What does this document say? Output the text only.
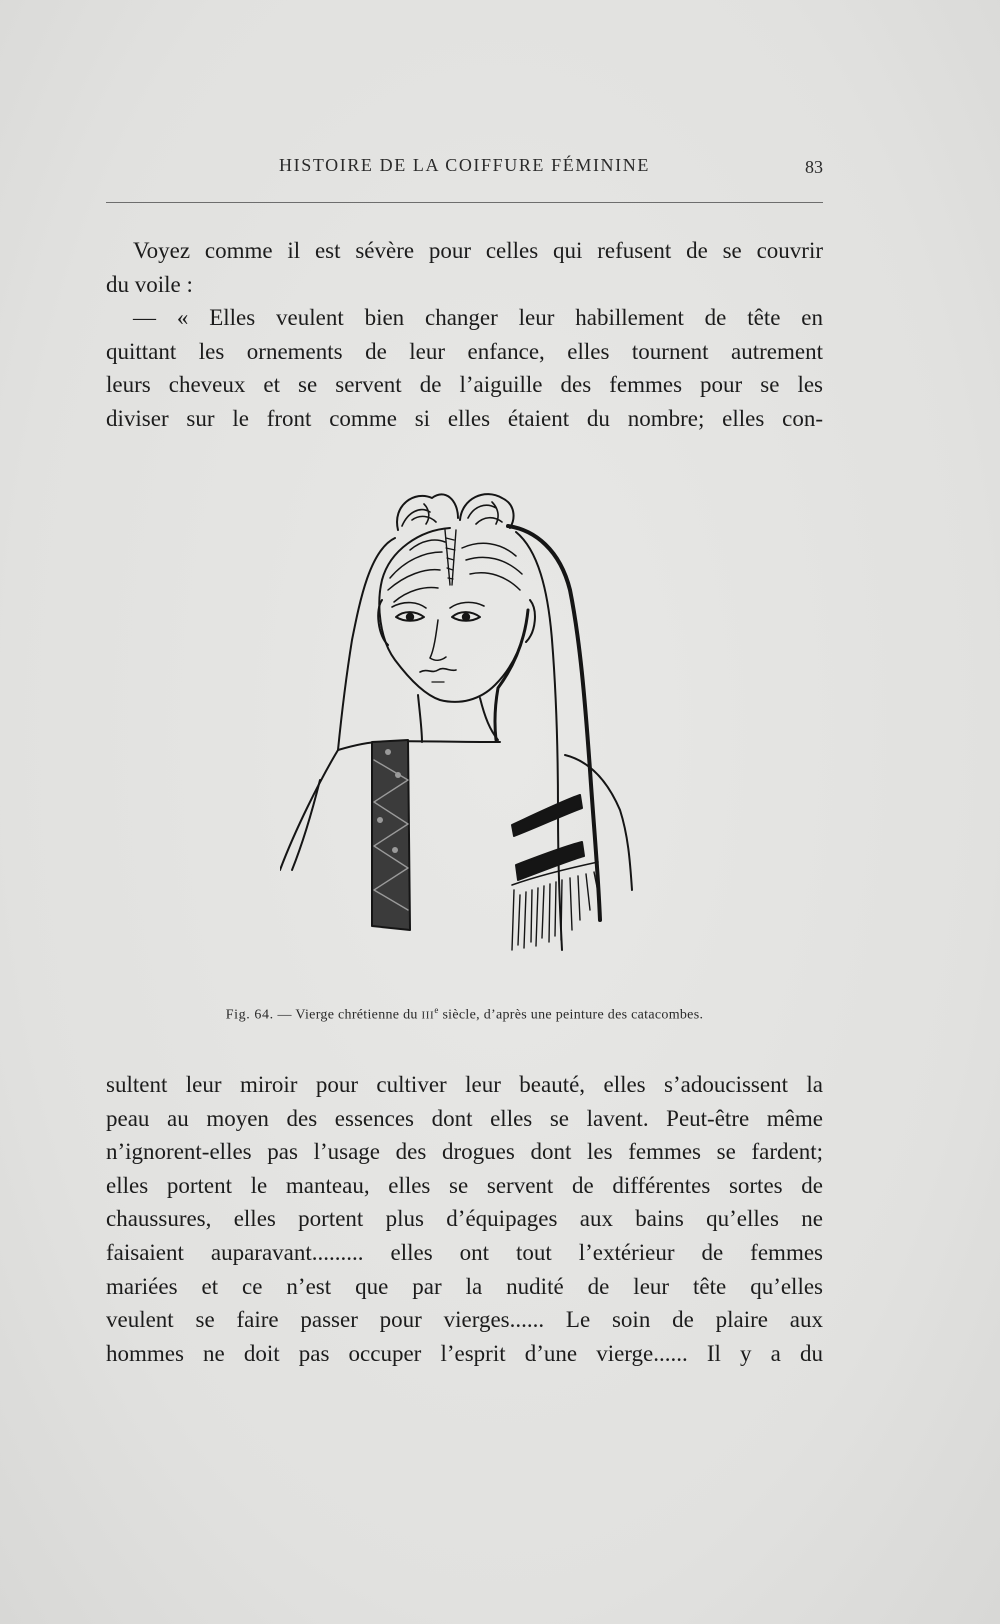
HISTOIRE DE LA COIFFURE FÉMININE	83
Voyez comme il est sévère pour celles qui refusent de se couvrir
du voile :
— « Elles veulent bien changer leur habillement de tête en
quittant les ornements de leur enfance, elles tournent autrement
leurs cheveux et se servent de l’aiguille des femmes pour se les
diviser sur le front comme si elles étaient du nombre; elles con-
Fig. 64. — Vierge chrétienne du IIIe siècle, d’après une peinture des catacombes.
sultent leur miroir pour cultiver leur beauté, elles s’adoucissent la
peau au moyen des essences dont elles se lavent. Peut-être même
n’ignorent-elles pas l’usage des drogues dont les femmes se fardent;
elles portent le manteau, elles se servent de différentes sortes de
chaussures, elles portent plus d’équipages aux bains qu’elles ne
faisaient auparavant......... elles ont tout l’extérieur de femmes
mariées et ce n’est que par la nudité de leur tête qu’elles
veulent se faire passer pour vierges...... Le soin de plaire aux
hommes ne doit pas occuper l’esprit d’une vierge...... Il y a du
